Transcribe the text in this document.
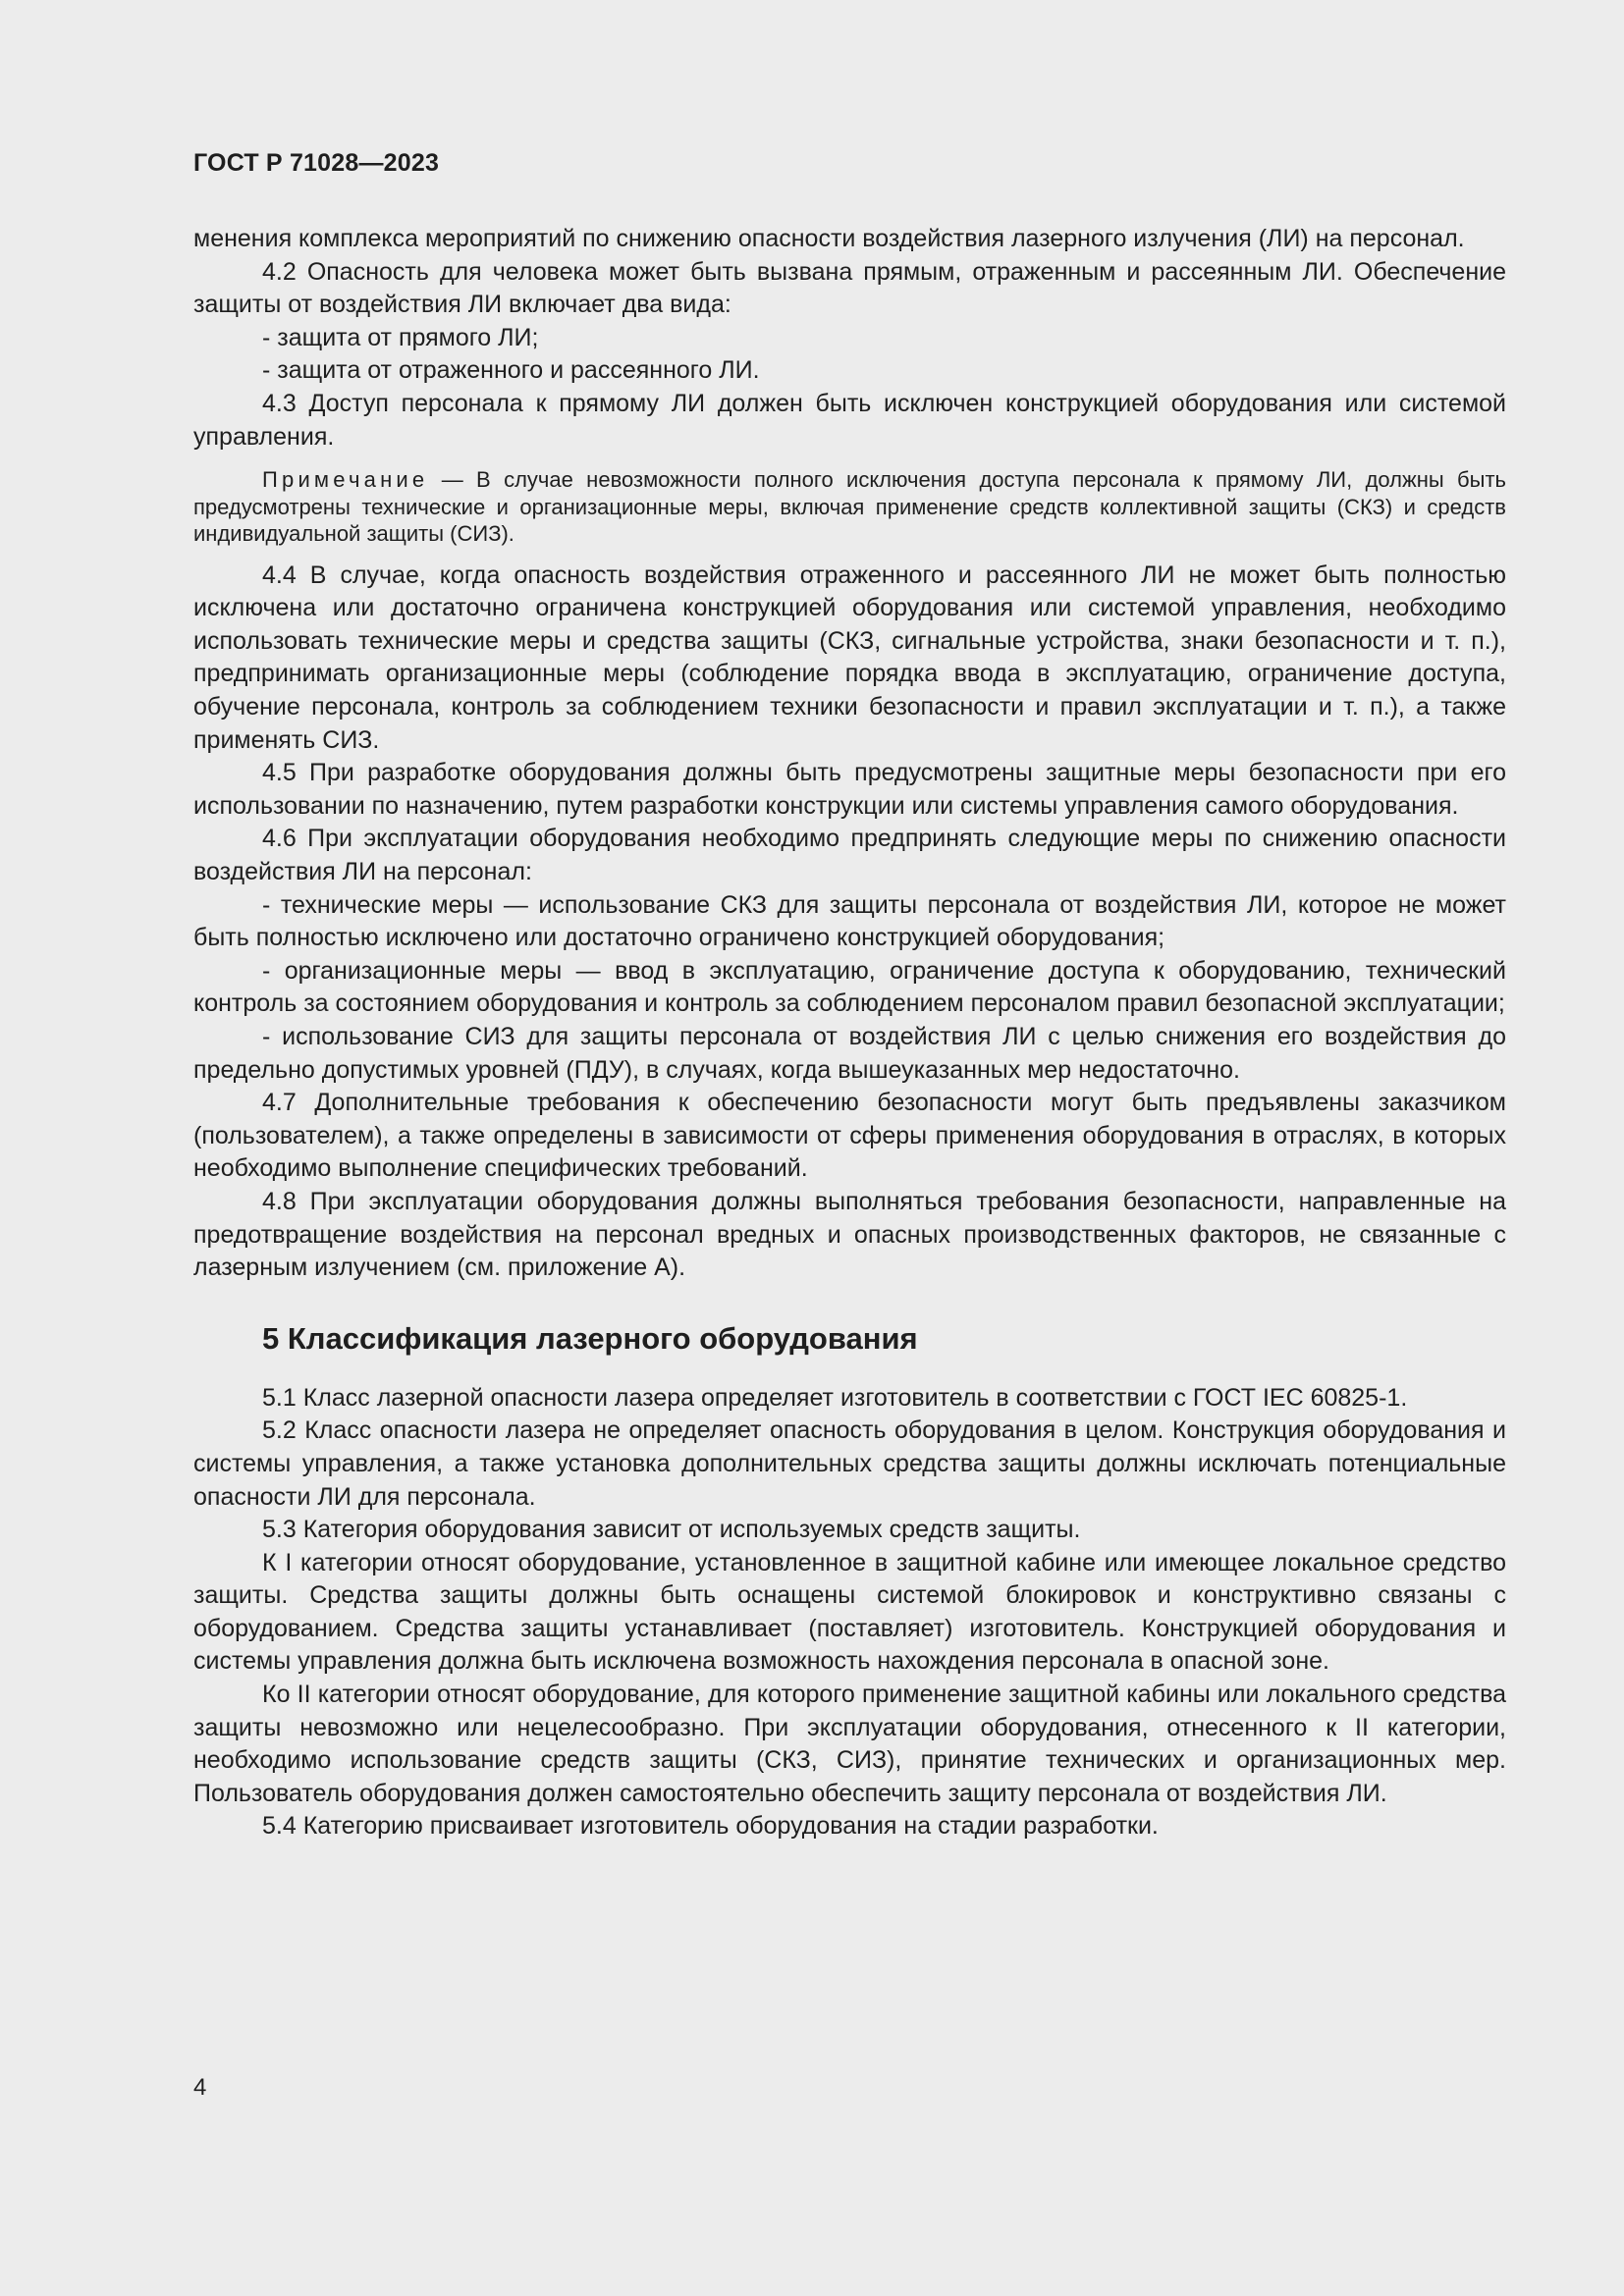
ГОСТ Р 71028—2023

менения комплекса мероприятий по снижению опасности воздействия лазерного излучения (ЛИ) на персонал.

4.2 Опасность для человека может быть вызвана прямым, отраженным и рассеянным ЛИ. Обеспечение защиты от воздействия ЛИ включает два вида:

- защита от прямого ЛИ;

- защита от отраженного и рассеянного ЛИ.

4.3 Доступ персонала к прямому ЛИ должен быть исключен конструкцией оборудования или системой управления.

Примечание — В случае невозможности полного исключения доступа персонала к прямому ЛИ, должны быть предусмотрены технические и организационные меры, включая применение средств коллективной защиты (СКЗ) и средств индивидуальной защиты (СИЗ).

4.4 В случае, когда опасность воздействия отраженного и рассеянного ЛИ не может быть полностью исключена или достаточно ограничена конструкцией оборудования или системой управления, необходимо использовать технические меры и средства защиты (СКЗ, сигнальные устройства, знаки безопасности и т. п.), предпринимать организационные меры (соблюдение порядка ввода в эксплуатацию, ограничение доступа, обучение персонала, контроль за соблюдением техники безопасности и правил эксплуатации и т. п.), а также применять СИЗ.

4.5 При разработке оборудования должны быть предусмотрены защитные меры безопасности при его использовании по назначению, путем разработки конструкции или системы управления самого оборудования.

4.6 При эксплуатации оборудования необходимо предпринять следующие меры по снижению опасности воздействия ЛИ на персонал:

- технические меры — использование СКЗ для защиты персонала от воздействия ЛИ, которое не может быть полностью исключено или достаточно ограничено конструкцией оборудования;

- организационные меры — ввод в эксплуатацию, ограничение доступа к оборудованию, технический контроль за состоянием оборудования и контроль за соблюдением персоналом правил безопасной эксплуатации;

- использование СИЗ для защиты персонала от воздействия ЛИ с целью снижения его воздействия до предельно допустимых уровней (ПДУ), в случаях, когда вышеуказанных мер недостаточно.

4.7 Дополнительные требования к обеспечению безопасности могут быть предъявлены заказчиком (пользователем), а также определены в зависимости от сферы применения оборудования в отраслях, в которых необходимо выполнение специфических требований.

4.8 При эксплуатации оборудования должны выполняться требования безопасности, направленные на предотвращение воздействия на персонал вредных и опасных производственных факторов, не связанные с лазерным излучением (см. приложение А).

5 Классификация лазерного оборудования

5.1 Класс лазерной опасности лазера определяет изготовитель в соответствии с ГОСТ IEC 60825-1.

5.2 Класс опасности лазера не определяет опасность оборудования в целом. Конструкция оборудования и системы управления, а также установка дополнительных средства защиты должны исключать потенциальные опасности ЛИ для персонала.

5.3 Категория оборудования зависит от используемых средств защиты.

К I категории относят оборудование, установленное в защитной кабине или имеющее локальное средство защиты. Средства защиты должны быть оснащены системой блокировок и конструктивно связаны с оборудованием. Средства защиты устанавливает (поставляет) изготовитель. Конструкцией оборудования и системы управления должна быть исключена возможность нахождения персонала в опасной зоне.

Ко II категории относят оборудование, для которого применение защитной кабины или локального средства защиты невозможно или нецелесообразно. При эксплуатации оборудования, отнесенного к II категории, необходимо использование средств защиты (СКЗ, СИЗ), принятие технических и организационных мер. Пользователь оборудования должен самостоятельно обеспечить защиту персонала от воздействия ЛИ.

5.4 Категорию присваивает изготовитель оборудования на стадии разработки.

4
